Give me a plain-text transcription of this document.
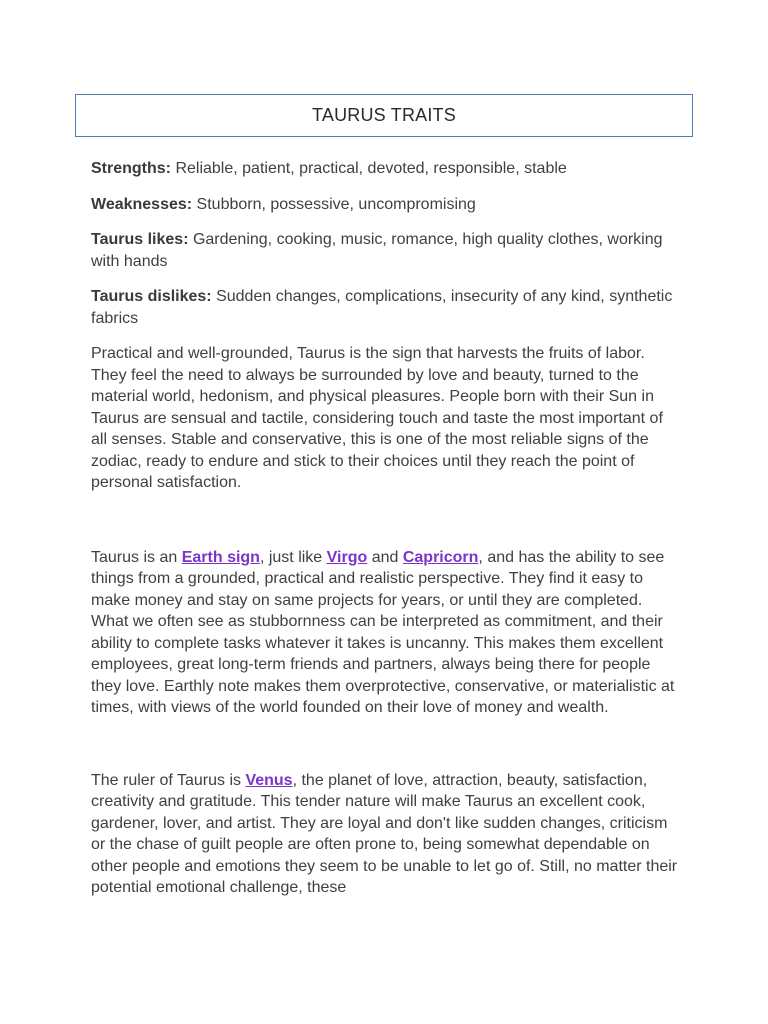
TAURUS TRAITS

Strengths: Reliable, patient, practical, devoted, responsible, stable

Weaknesses: Stubborn, possessive, uncompromising

Taurus likes: Gardening, cooking, music, romance, high quality clothes, working with hands

Taurus dislikes: Sudden changes, complications, insecurity of any kind, synthetic fabrics

Practical and well-grounded, Taurus is the sign that harvests the fruits of labor. They feel the need to always be surrounded by love and beauty, turned to the material world, hedonism, and physical pleasures. People born with their Sun in Taurus are sensual and tactile, considering touch and taste the most important of all senses. Stable and conservative, this is one of the most reliable signs of the zodiac, ready to endure and stick to their choices until they reach the point of personal satisfaction.

Taurus is an Earth sign, just like Virgo and Capricorn, and has the ability to see things from a grounded, practical and realistic perspective. They find it easy to make money and stay on same projects for years, or until they are completed. What we often see as stubbornness can be interpreted as commitment, and their ability to complete tasks whatever it takes is uncanny. This makes them excellent employees, great long-term friends and partners, always being there for people they love. Earthly note makes them overprotective, conservative, or materialistic at times, with views of the world founded on their love of money and wealth.

The ruler of Taurus is Venus, the planet of love, attraction, beauty, satisfaction, creativity and gratitude. This tender nature will make Taurus an excellent cook, gardener, lover, and artist. They are loyal and don't like sudden changes, criticism or the chase of guilt people are often prone to, being somewhat dependable on other people and emotions they seem to be unable to let go of. Still, no matter their potential emotional challenge, these
